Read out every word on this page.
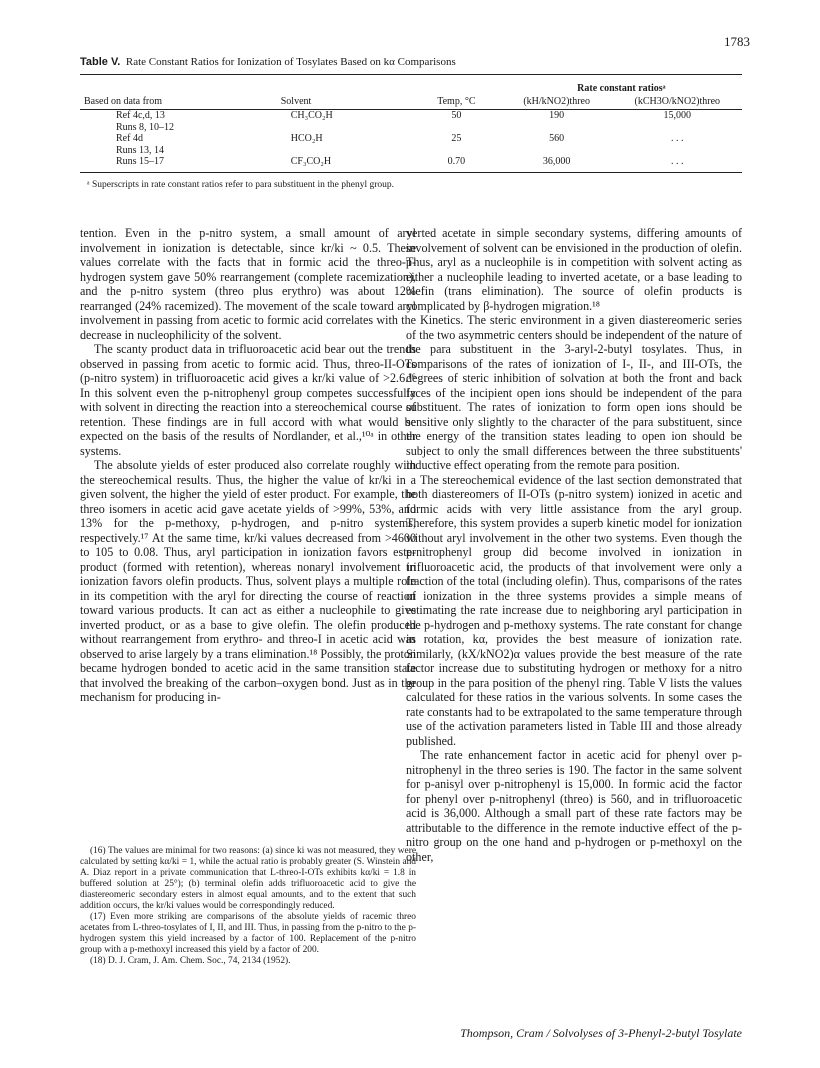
1783
Table V. Rate Constant Ratios for Ionization of Tosylates Based on kα Comparisons
			Rate constant ratiosᵃ	
Based on data from	Solvent	Temp, °C	(kH/kNO2)threo	(kCH3O/kNO2)threo
Ref 4c,d, 13	CH₃CO₂H	50	190	15,000
Runs 8, 10–12				
Ref 4d	HCO₂H	25	560	. . .
Runs 13, 14				
Runs 15–17	CF₃CO₂H	0.70	36,000	. . .
ᵃ Superscripts in rate constant ratios refer to para substituent in the phenyl group.

tention. Even in the p-nitro system, a small amount of aryl involvement in ionization is detectable, since kr/ki ~ 0.5. These values correlate with the facts that in formic acid the threo-p-hydrogen system gave 50% rearrangement (complete racemization), and the p-nitro system (threo plus erythro) was about 12% rearranged (24% racemized). The movement of the scale toward aryl involvement in passing from acetic to formic acid correlates with the decrease in nucleophilicity of the solvent.

The scanty product data in trifluoroacetic acid bear out the trends observed in passing from acetic to formic acid. Thus, threo-II-OTs (p-nitro system) in trifluoroacetic acid gives a kr/ki value of >2.6.¹⁶ In this solvent even the p-nitrophenyl group competes successfully with solvent in directing the reaction into a stereochemical course of retention. These findings are in full accord with what would be expected on the basis of the results of Nordlander, et al.,¹⁰ᵃ in other systems.

The absolute yields of ester produced also correlate roughly with the stereochemical results. Thus, the higher the value of kr/ki in a given solvent, the higher the yield of ester product. For example, the threo isomers in acetic acid gave acetate yields of >99%, 53%, and 13% for the p-methoxy, p-hydrogen, and p-nitro systems, respectively.¹⁷ At the same time, kr/ki values decreased from >4600 to 105 to 0.08. Thus, aryl participation in ionization favors ester product (formed with retention), whereas nonaryl involvement in ionization favors olefin products. Thus, solvent plays a multiple role in its competition with the aryl for directing the course of reaction toward various products. It can act as either a nucleophile to give inverted product, or as a base to give olefin. The olefin produced without rearrangement from erythro- and threo-I in acetic acid was observed to arise largely by a trans elimination.¹⁸ Possibly, the proton became hydrogen bonded to acetic acid in the same transition state that involved the breaking of the carbon–oxygen bond. Just as in the mechanism for producing in-

(16) The values are minimal for two reasons: (a) since ki was not measured, they were calculated by setting kα/ki = 1, while the actual ratio is probably greater (S. Winstein and A. Diaz report in a private communication that L-threo-I-OTs exhibits kα/ki = 1.8 in buffered solution at 25°); (b) terminal olefin adds trifluoroacetic acid to give the diastereomeric secondary esters in almost equal amounts, and to the extent that such addition occurs, the kr/ki values would be correspondingly reduced.

(17) Even more striking are comparisons of the absolute yields of racemic threo acetates from L-threo-tosylates of I, II, and III. Thus, in passing from the p-nitro to the p-hydrogen system this yield increased by a factor of 100. Replacement of the p-nitro group with a p-methoxyl increased this yield by a factor of 200.

(18) D. J. Cram, J. Am. Chem. Soc., 74, 2134 (1952).

verted acetate in simple secondary systems, differing amounts of involvement of solvent can be envisioned in the production of olefin. Thus, aryl as a nucleophile is in competition with solvent acting as either a nucleophile leading to inverted acetate, or a base leading to olefin (trans elimination). The source of olefin products is complicated by β-hydrogen migration.¹⁸

Kinetics. The steric environment in a given diastereomeric series of the two asymmetric centers should be independent of the nature of the para substituent in the 3-aryl-2-butyl tosylates. Thus, in comparisons of the rates of ionization of I-, II-, and III-OTs, the degrees of steric inhibition of solvation at both the front and back faces of the incipient open ions should be independent of the para substituent. The rates of ionization to form open ions should be sensitive only slightly to the character of the para substituent, since the energy of the transition states leading to open ion should be subject to only the small differences between the three substituents' inductive effect operating from the remote para position.

The stereochemical evidence of the last section demonstrated that both diastereomers of II-OTs (p-nitro system) ionized in acetic and formic acids with very little assistance from the aryl group. Therefore, this system provides a superb kinetic model for ionization without aryl involvement in the other two systems. Even though the p-nitrophenyl group did become involved in ionization in trifluoroacetic acid, the products of that involvement were only a fraction of the total (including olefin). Thus, comparisons of the rates of ionization in the three systems provides a simple means of estimating the rate increase due to neighboring aryl participation in the p-hydrogen and p-methoxy systems. The rate constant for change in rotation, kα, provides the best measure of ionization rate. Similarly, (kX/kNO2)α values provide the best measure of the rate factor increase due to substituting hydrogen or methoxy for a nitro group in the para position of the phenyl ring. Table V lists the values calculated for these ratios in the various solvents. In some cases the rate constants had to be extrapolated to the same temperature through use of the activation parameters listed in Table III and those already published.

The rate enhancement factor in acetic acid for phenyl over p-nitrophenyl in the threo series is 190. The factor in the same solvent for p-anisyl over p-nitrophenyl is 15,000. In formic acid the factor for phenyl over p-nitrophenyl (threo) is 560, and in trifluoroacetic acid is 36,000. Although a small part of these rate factors may be attributable to the difference in the remote inductive effect of the p-nitro group on the one hand and p-hydrogen or p-methoxyl on the other,

Thompson, Cram / Solvolyses of 3-Phenyl-2-butyl Tosylate
